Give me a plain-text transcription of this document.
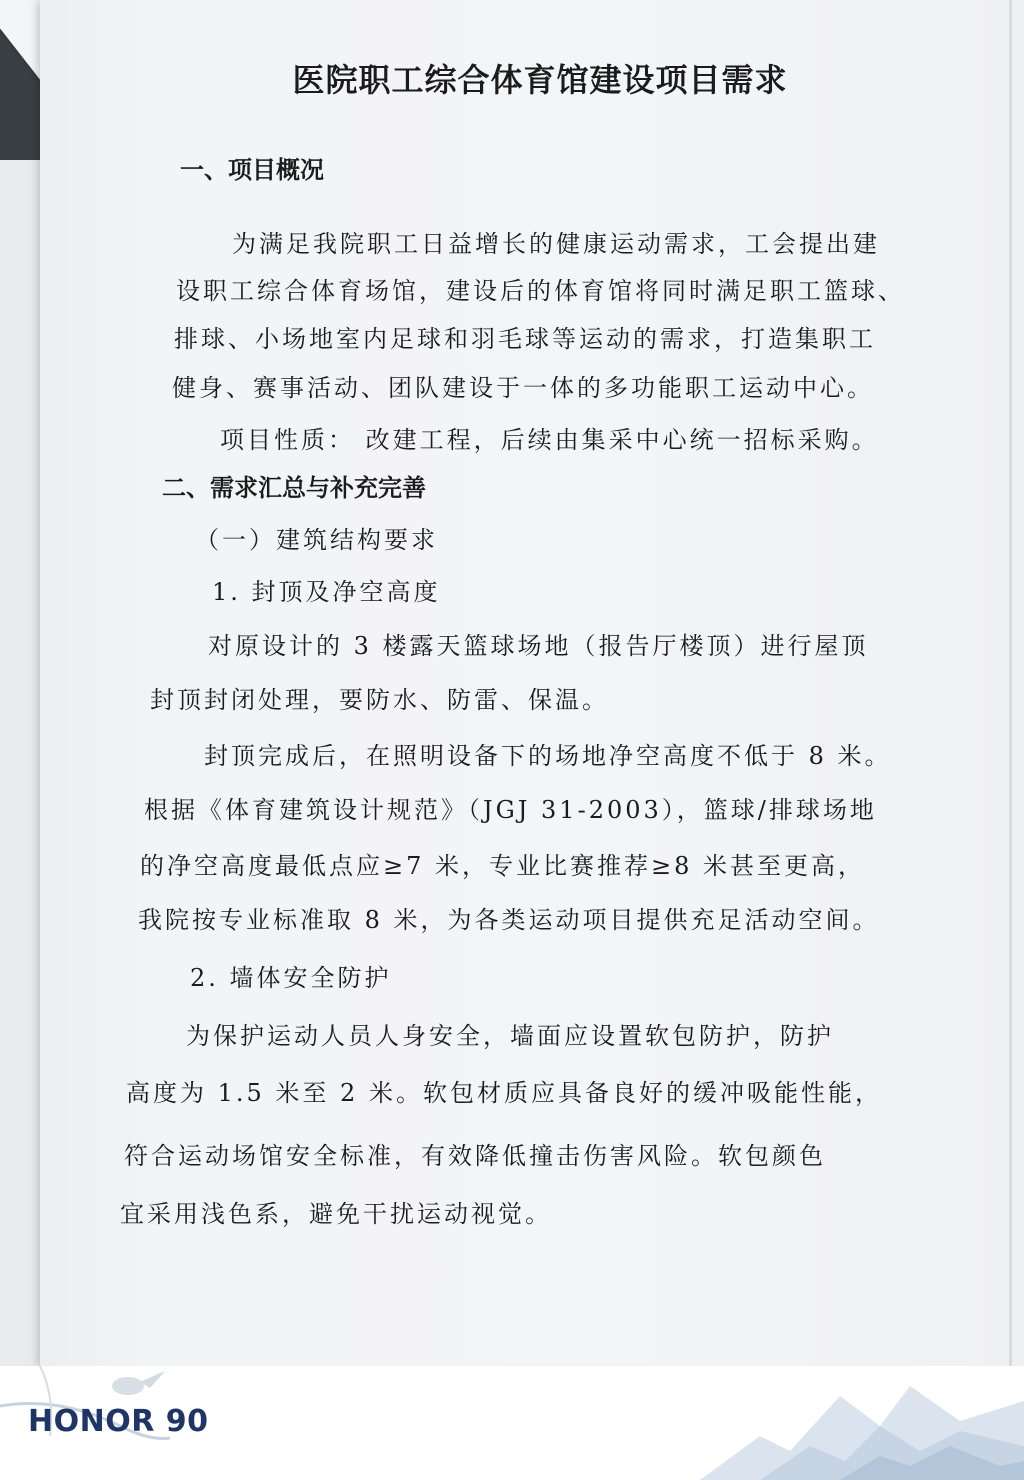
医院职工综合体育馆建设项目需求
一、项目概况
为满足我院职工日益增长的健康运动需求，工会提出建
设职工综合体育场馆，建设后的体育馆将同时满足职工篮球、
排球、小场地室内足球和羽毛球等运动的需求，打造集职工
健身、赛事活动、团队建设于一体的多功能职工运动中心。
项目性质： 改建工程，后续由集采中心统一招标采购。
二、需求汇总与补充完善
（一）建筑结构要求
1. 封顶及净空高度
对原设计的 3 楼露天篮球场地（报告厅楼顶）进行屋顶
封顶封闭处理，要防水、防雷、保温。
封顶完成后，在照明设备下的场地净空高度不低于 8 米。
根据《体育建筑设计规范》（JGJ 31-2003），篮球/排球场地
的净空高度最低点应≥7 米，专业比赛推荐≥8 米甚至更高，
我院按专业标准取 8 米，为各类运动项目提供充足活动空间。
2. 墙体安全防护
为保护运动人员人身安全，墙面应设置软包防护，防护
高度为 1.5 米至 2 米。软包材质应具备良好的缓冲吸能性能，
符合运动场馆安全标准，有效降低撞击伤害风险。软包颜色
宜采用浅色系，避免干扰运动视觉。
HONOR 90
